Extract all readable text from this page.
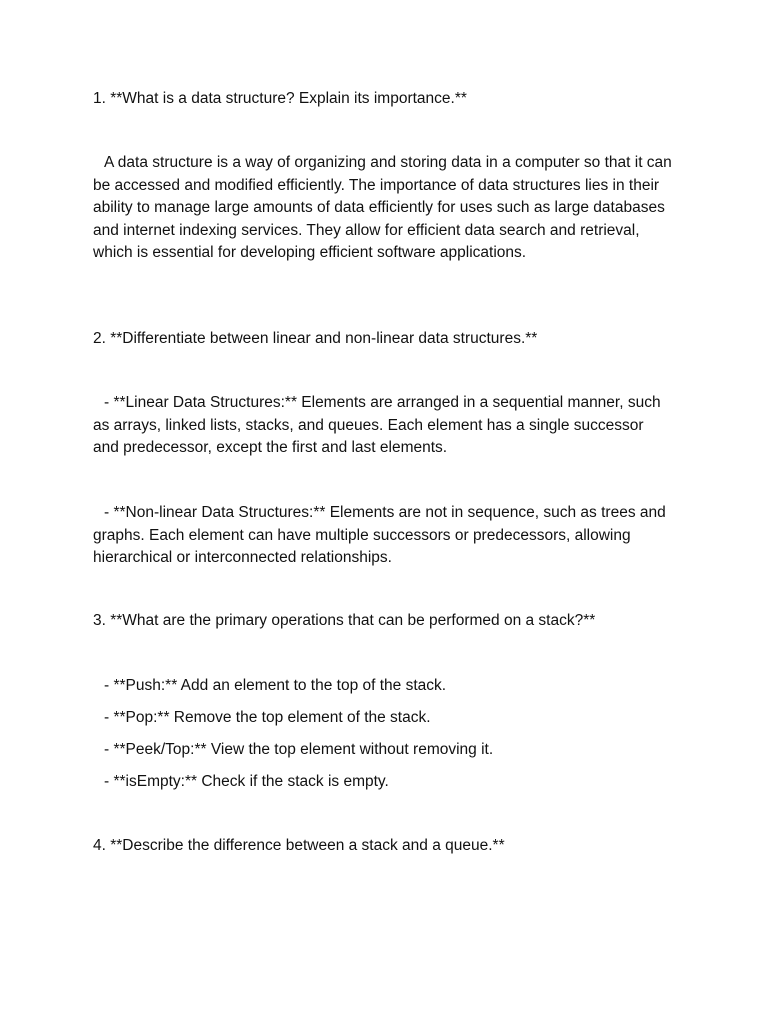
1. **What is a data structure? Explain its importance.**
A data structure is a way of organizing and storing data in a computer so that it can be accessed and modified efficiently. The importance of data structures lies in their ability to manage large amounts of data efficiently for uses such as large databases and internet indexing services. They allow for efficient data search and retrieval, which is essential for developing efficient software applications.
2. **Differentiate between linear and non-linear data structures.**
- **Linear Data Structures:** Elements are arranged in a sequential manner, such as arrays, linked lists, stacks, and queues. Each element has a single successor and predecessor, except the first and last elements.
- **Non-linear Data Structures:** Elements are not in sequence, such as trees and graphs. Each element can have multiple successors or predecessors, allowing hierarchical or interconnected relationships.
3. **What are the primary operations that can be performed on a stack?**
- **Push:** Add an element to the top of the stack.
- **Pop:** Remove the top element of the stack.
- **Peek/Top:** View the top element without removing it.
- **isEmpty:** Check if the stack is empty.
4. **Describe the difference between a stack and a queue.**
